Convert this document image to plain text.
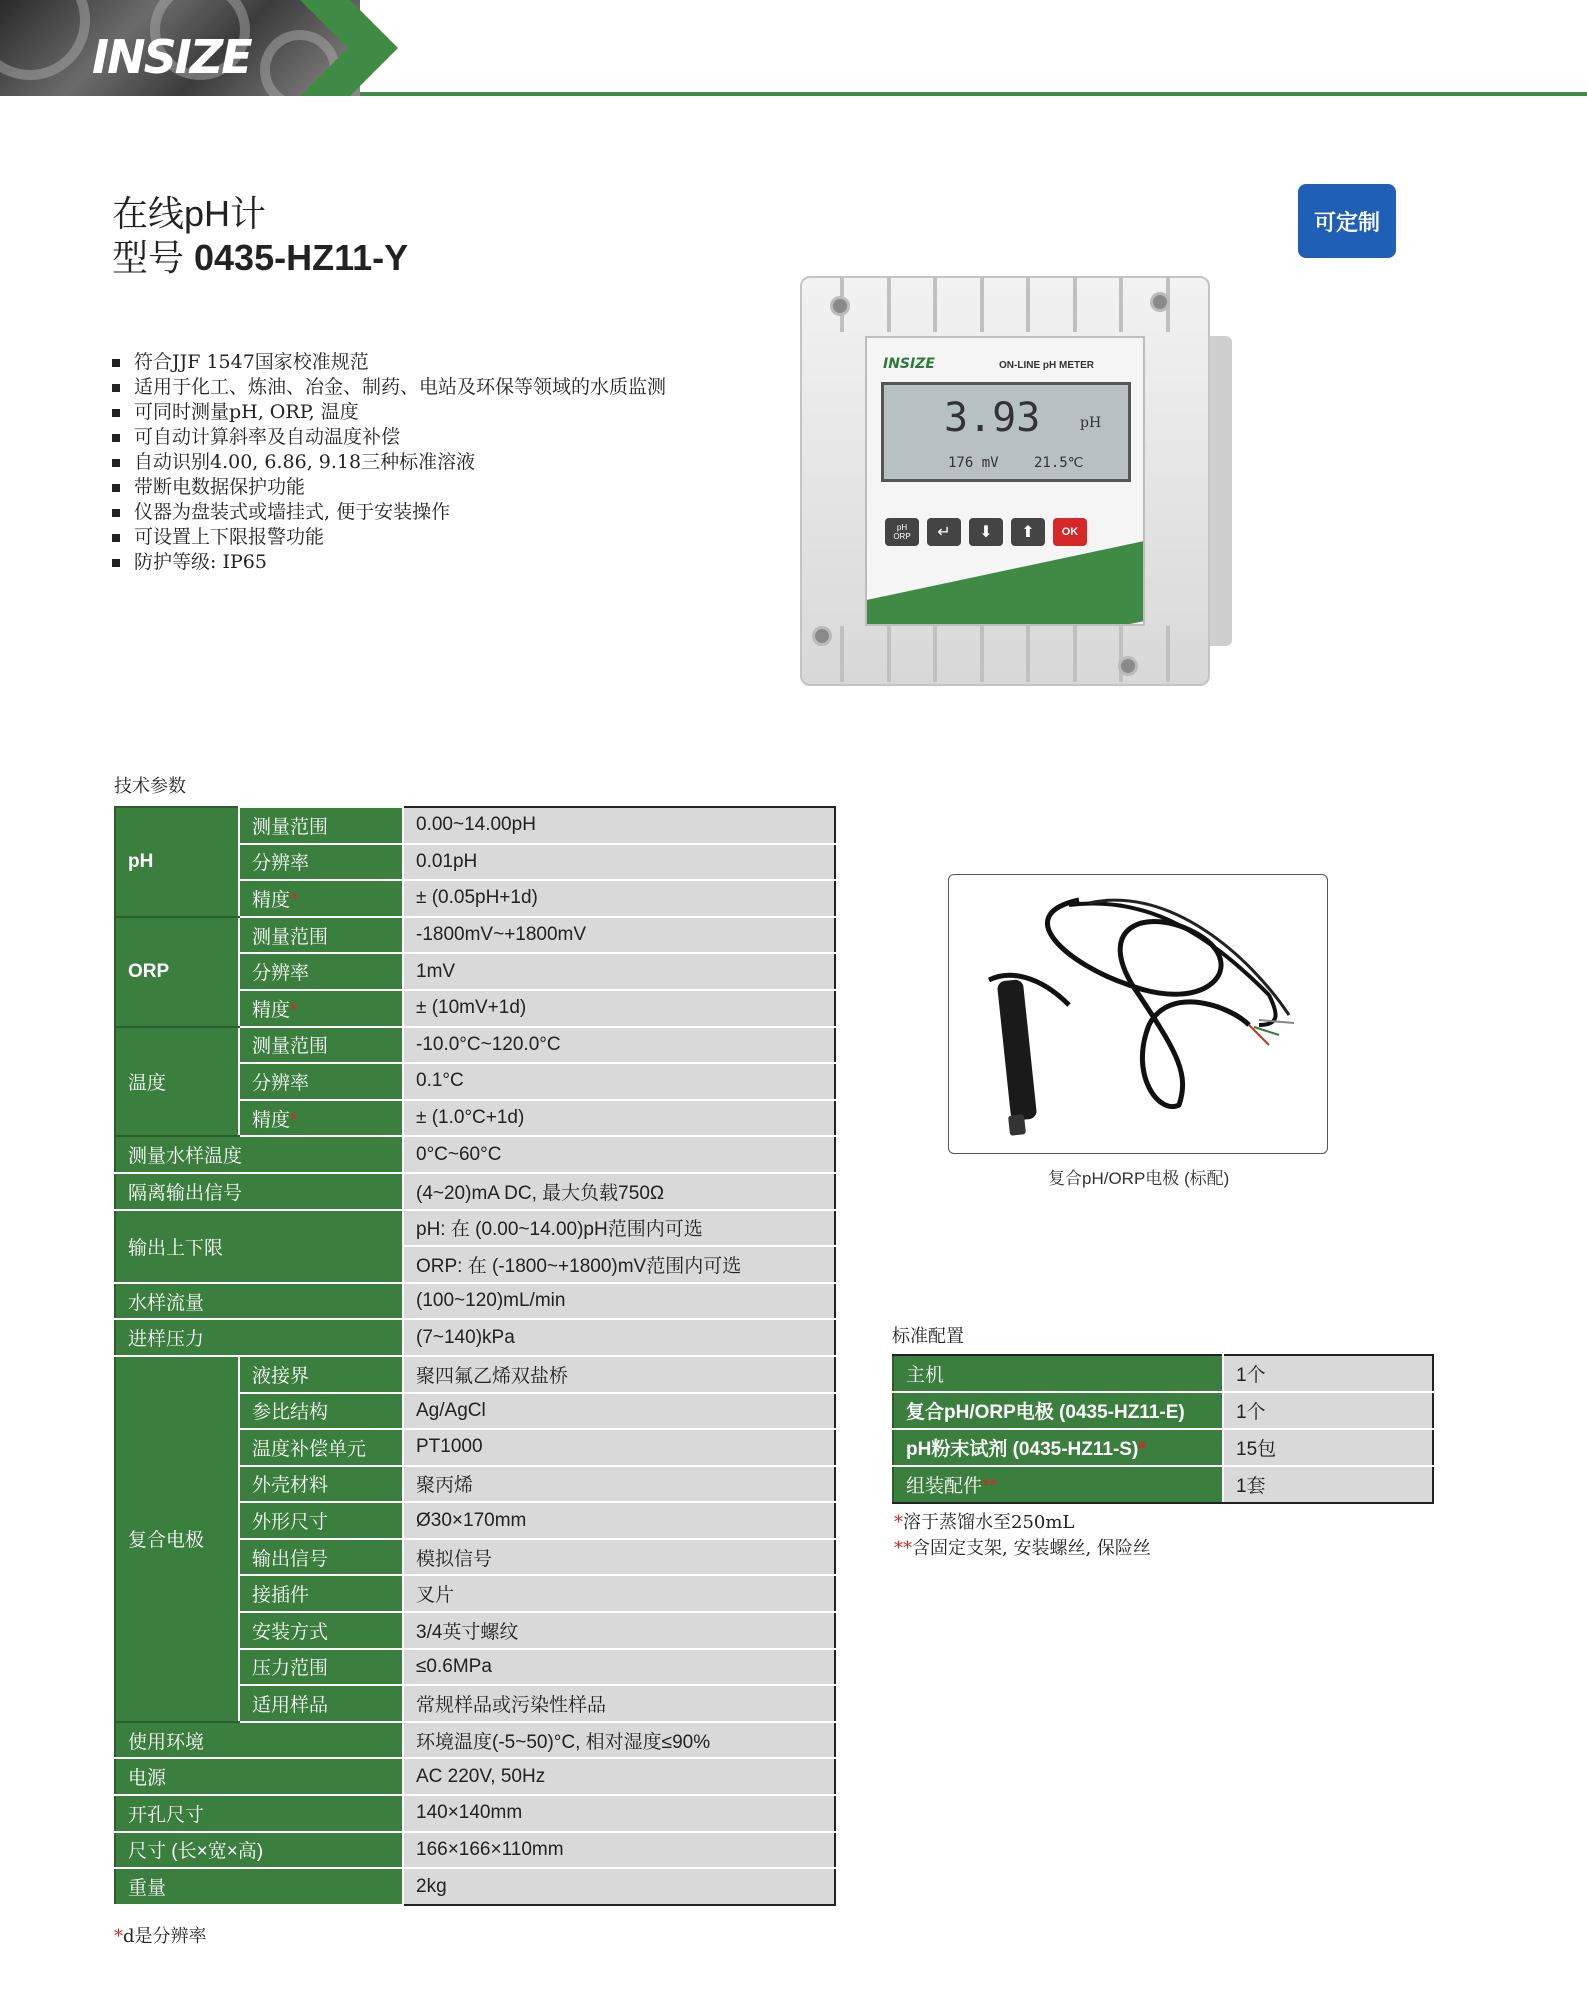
INSIZE
在线pH计
型号 0435-HZ11-Y
可定制
符合JJF 1547国家校准规范
适用于化工、炼油、冶金、制药、电站及环保等领域的水质监测
可同时测量pH, ORP, 温度
可自动计算斜率及自动温度补偿
自动识别4.00, 6.86, 9.18三种标准溶液
带断电数据保护功能
仪器为盘装式或墙挂式, 便于安装操作
可设置上下限报警功能
防护等级: IP65
INSIZE	ON-LINE pH METER
3.93	pH
176 mV	21.5℃
pH
ORP	↵	⬇	⬆	OK
技术参数
pH	测量范围	0.00~14.00pH
	分辨率	0.01pH
	精度*	± (0.05pH+1d)
ORP	测量范围	-1800mV~+1800mV
	分辨率	1mV
	精度*	± (10mV+1d)
温度	测量范围	-10.0°C~120.0°C
	分辨率	0.1°C
	精度*	± (1.0°C+1d)
测量水样温度		0°C~60°C
隔离输出信号		(4~20)mA DC, 最大负载750Ω
输出上下限		pH: 在 (0.00~14.00)pH范围内可选
		ORP: 在 (-1800~+1800)mV范围内可选
水样流量		(100~120)mL/min
进样压力		(7~140)kPa
复合电极	液接界	聚四氟乙烯双盐桥
	参比结构	Ag/AgCl
	温度补偿单元	PT1000
	外壳材料	聚丙烯
	外形尺寸	Ø30×170mm
	输出信号	模拟信号
	接插件	叉片
	安装方式	3/4英寸螺纹
	压力范围	≤0.6MPa
	适用样品	常规样品或污染性样品
使用环境		环境温度(-5~50)°C, 相对湿度≤90%
电源		AC 220V, 50Hz
开孔尺寸		140×140mm
尺寸 (长×宽×高)		166×166×110mm
重量		2kg
*d是分辨率
复合pH/ORP电极 (标配)
标准配置
主机	1个
复合pH/ORP电极 (0435-HZ11-E)	1个
pH粉末试剂 (0435-HZ11-S)*	15包
组装配件**	1套
*溶于蒸馏水至250mL
**含固定支架, 安装螺丝, 保险丝
